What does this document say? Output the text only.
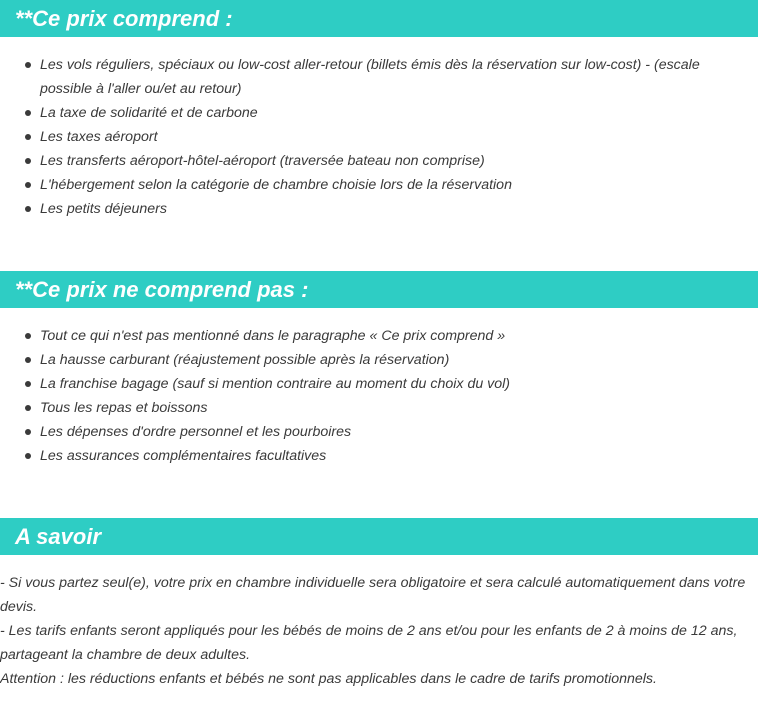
**Ce prix comprend :
Les vols réguliers, spéciaux ou low-cost aller-retour (billets émis dès la réservation sur low-cost) - (escale possible à l'aller ou/et au retour)
La taxe de solidarité et de carbone
Les taxes aéroport
Les transferts aéroport-hôtel-aéroport (traversée bateau non comprise)
L'hébergement selon la catégorie de chambre choisie lors de la réservation
Les petits déjeuners
**Ce prix ne comprend pas :
Tout ce qui n'est pas mentionné dans le paragraphe « Ce prix comprend »
La hausse carburant (réajustement possible après la réservation)
La franchise bagage (sauf si mention contraire au moment du choix du vol)
Tous les repas et boissons
Les dépenses d'ordre personnel et les pourboires
Les assurances complémentaires facultatives
A savoir

- Si vous partez seul(e), votre prix en chambre individuelle sera obligatoire et sera calculé automatiquement dans votre devis.

- Les tarifs enfants seront appliqués pour les bébés de moins de 2 ans et/ou pour les enfants de 2 à moins de 12 ans, partageant la chambre de deux adultes.

Attention : les réductions enfants et bébés ne sont pas applicables dans le cadre de tarifs promotionnels.
